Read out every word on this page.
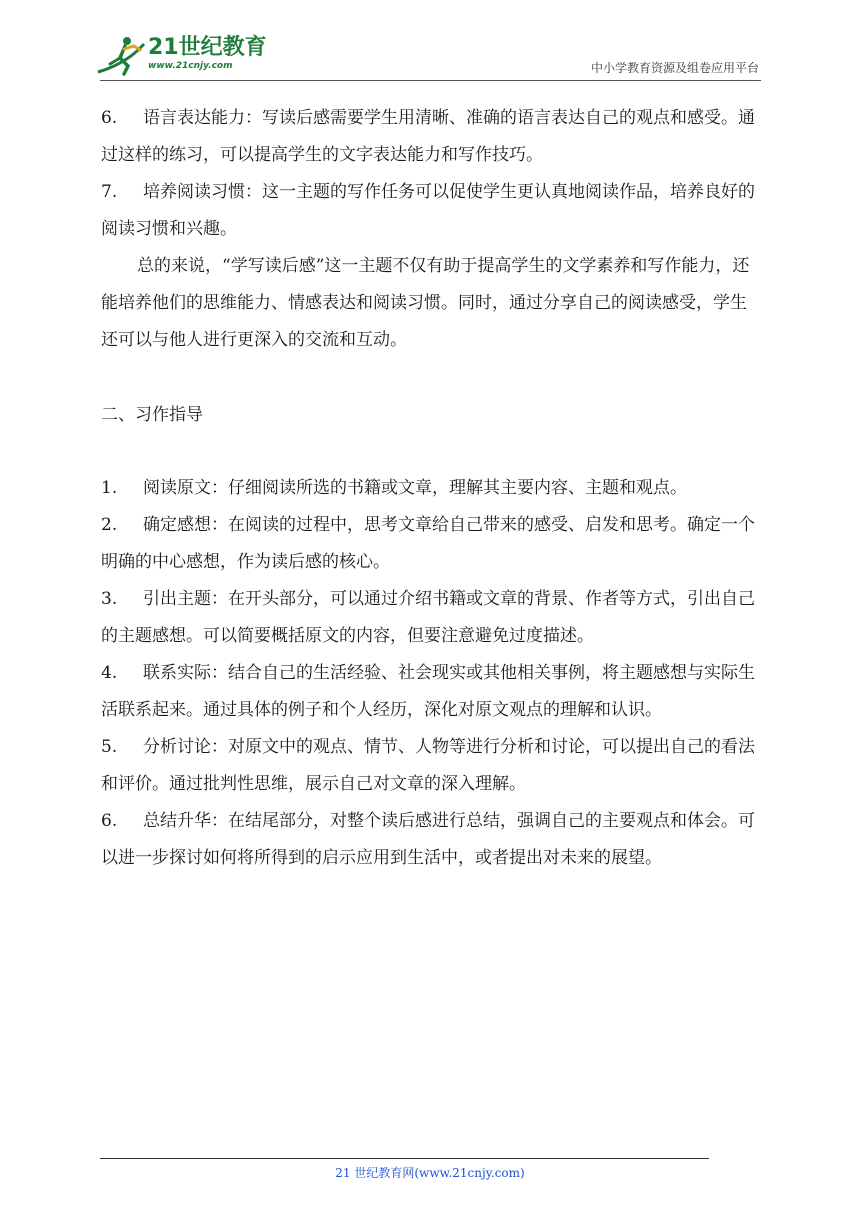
21世纪教育
www.21cnjy.com	中小学教育资源及组卷应用平台

6. 语言表达能力：写读后感需要学生用清晰、准确的语言表达自己的观点和感受。通过这样的练习，可以提高学生的文字表达能力和写作技巧。

7. 培养阅读习惯：这一主题的写作任务可以促使学生更认真地阅读作品，培养良好的阅读习惯和兴趣。

总的来说，“学写读后感”这一主题不仅有助于提高学生的文学素养和写作能力，还能培养他们的思维能力、情感表达和阅读习惯。同时，通过分享自己的阅读感受，学生还可以与他人进行更深入的交流和互动。

二、习作指导

1. 阅读原文：仔细阅读所选的书籍或文章，理解其主要内容、主题和观点。

2. 确定感想：在阅读的过程中，思考文章给自己带来的感受、启发和思考。确定一个明确的中心感想，作为读后感的核心。

3. 引出主题：在开头部分，可以通过介绍书籍或文章的背景、作者等方式，引出自己的主题感想。可以简要概括原文的内容，但要注意避免过度描述。

4. 联系实际：结合自己的生活经验、社会现实或其他相关事例，将主题感想与实际生活联系起来。通过具体的例子和个人经历，深化对原文观点的理解和认识。

5. 分析讨论：对原文中的观点、情节、人物等进行分析和讨论，可以提出自己的看法和评价。通过批判性思维，展示自己对文章的深入理解。

6. 总结升华：在结尾部分，对整个读后感进行总结，强调自己的主要观点和体会。可以进一步探讨如何将所得到的启示应用到生活中，或者提出对未来的展望。

21 世纪教育网(www.21cnjy.com)
